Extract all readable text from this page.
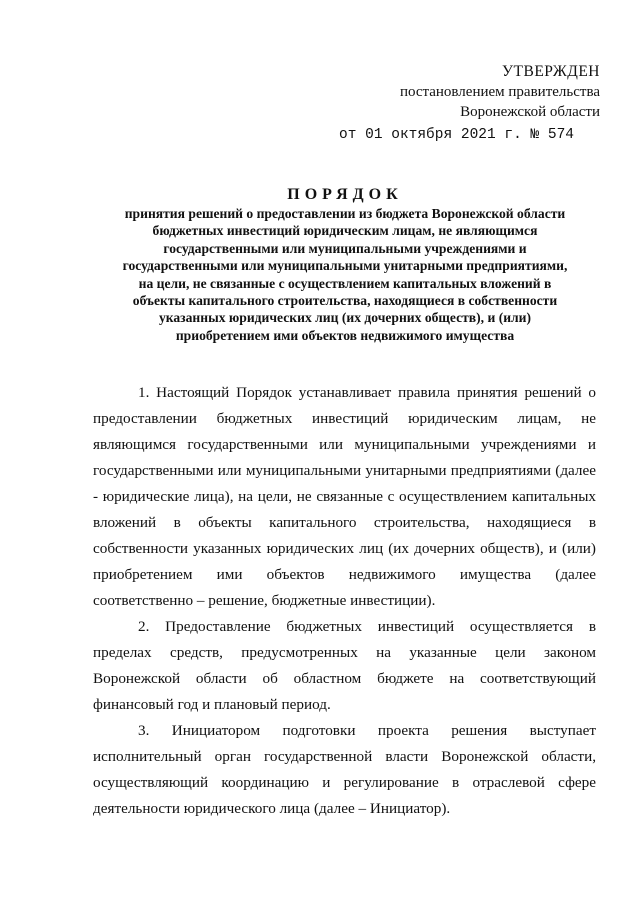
УТВЕРЖДЕН
постановлением правительства
Воронежской области
от 01 октября 2021 г. № 574
ПОРЯДОК
принятия решений о предоставлении из бюджета Воронежской области
бюджетных инвестиций юридическим лицам, не являющимся
государственными или муниципальными учреждениями и
государственными или муниципальными унитарными предприятиями,
на цели, не связанные с осуществлением капитальных вложений в
объекты капитального строительства, находящиеся в собственности
указанных юридических лиц (их дочерних обществ), и (или)
приобретением ими объектов недвижимого имущества

1. Настоящий Порядок устанавливает правила принятия решений о предоставлении бюджетных инвестиций юридическим лицам, не являющимся государственными или муниципальными учреждениями и государственными или муниципальными унитарными предприятиями (далее - юридические лица), на цели, не связанные с осуществлением капитальных вложений в объекты капитального строительства, находящиеся в собственности указанных юридических лиц (их дочерних обществ), и (или) приобретением ими объектов недвижимого имущества (далее соответственно – решение, бюджетные инвестиции).

2. Предоставление бюджетных инвестиций осуществляется в пределах средств, предусмотренных на указанные цели законом Воронежской области об областном бюджете на соответствующий финансовый год и плановый период.

3. Инициатором подготовки проекта решения выступает исполнительный орган государственной власти Воронежской области, осуществляющий координацию и регулирование в отраслевой сфере деятельности юридического лица (далее – Инициатор).
